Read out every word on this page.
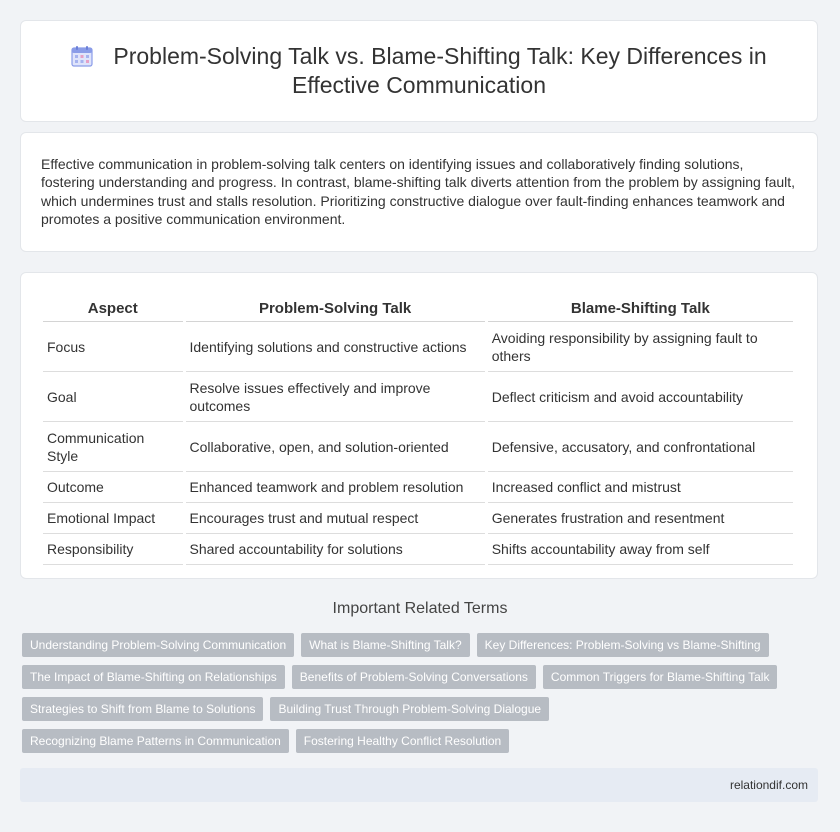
Problem-Solving Talk vs. Blame-Shifting Talk: Key Differences in Effective Communication

Effective communication in problem-solving talk centers on identifying issues and collaboratively finding solutions, fostering understanding and progress. In contrast, blame-shifting talk diverts attention from the problem by assigning fault, which undermines trust and stalls resolution. Prioritizing constructive dialogue over fault-finding enhances teamwork and promotes a positive communication environment.

Aspect	Problem-Solving Talk	Blame-Shifting Talk
Focus	Identifying solutions and constructive actions	Avoiding responsibility by assigning fault to others
Goal	Resolve issues effectively and improve outcomes	Deflect criticism and avoid accountability
Communication Style	Collaborative, open, and solution-oriented	Defensive, accusatory, and confrontational
Outcome	Enhanced teamwork and problem resolution	Increased conflict and mistrust
Emotional Impact	Encourages trust and mutual respect	Generates frustration and resentment
Responsibility	Shared accountability for solutions	Shifts accountability away from self
Important Related Terms
Understanding Problem-Solving Communication	What is Blame-Shifting Talk?	Key Differences: Problem-Solving vs Blame-Shifting
The Impact of Blame-Shifting on Relationships	Benefits of Problem-Solving Conversations	Common Triggers for Blame-Shifting Talk
Strategies to Shift from Blame to Solutions	Building Trust Through Problem-Solving Dialogue
Recognizing Blame Patterns in Communication	Fostering Healthy Conflict Resolution
relationdif.com
